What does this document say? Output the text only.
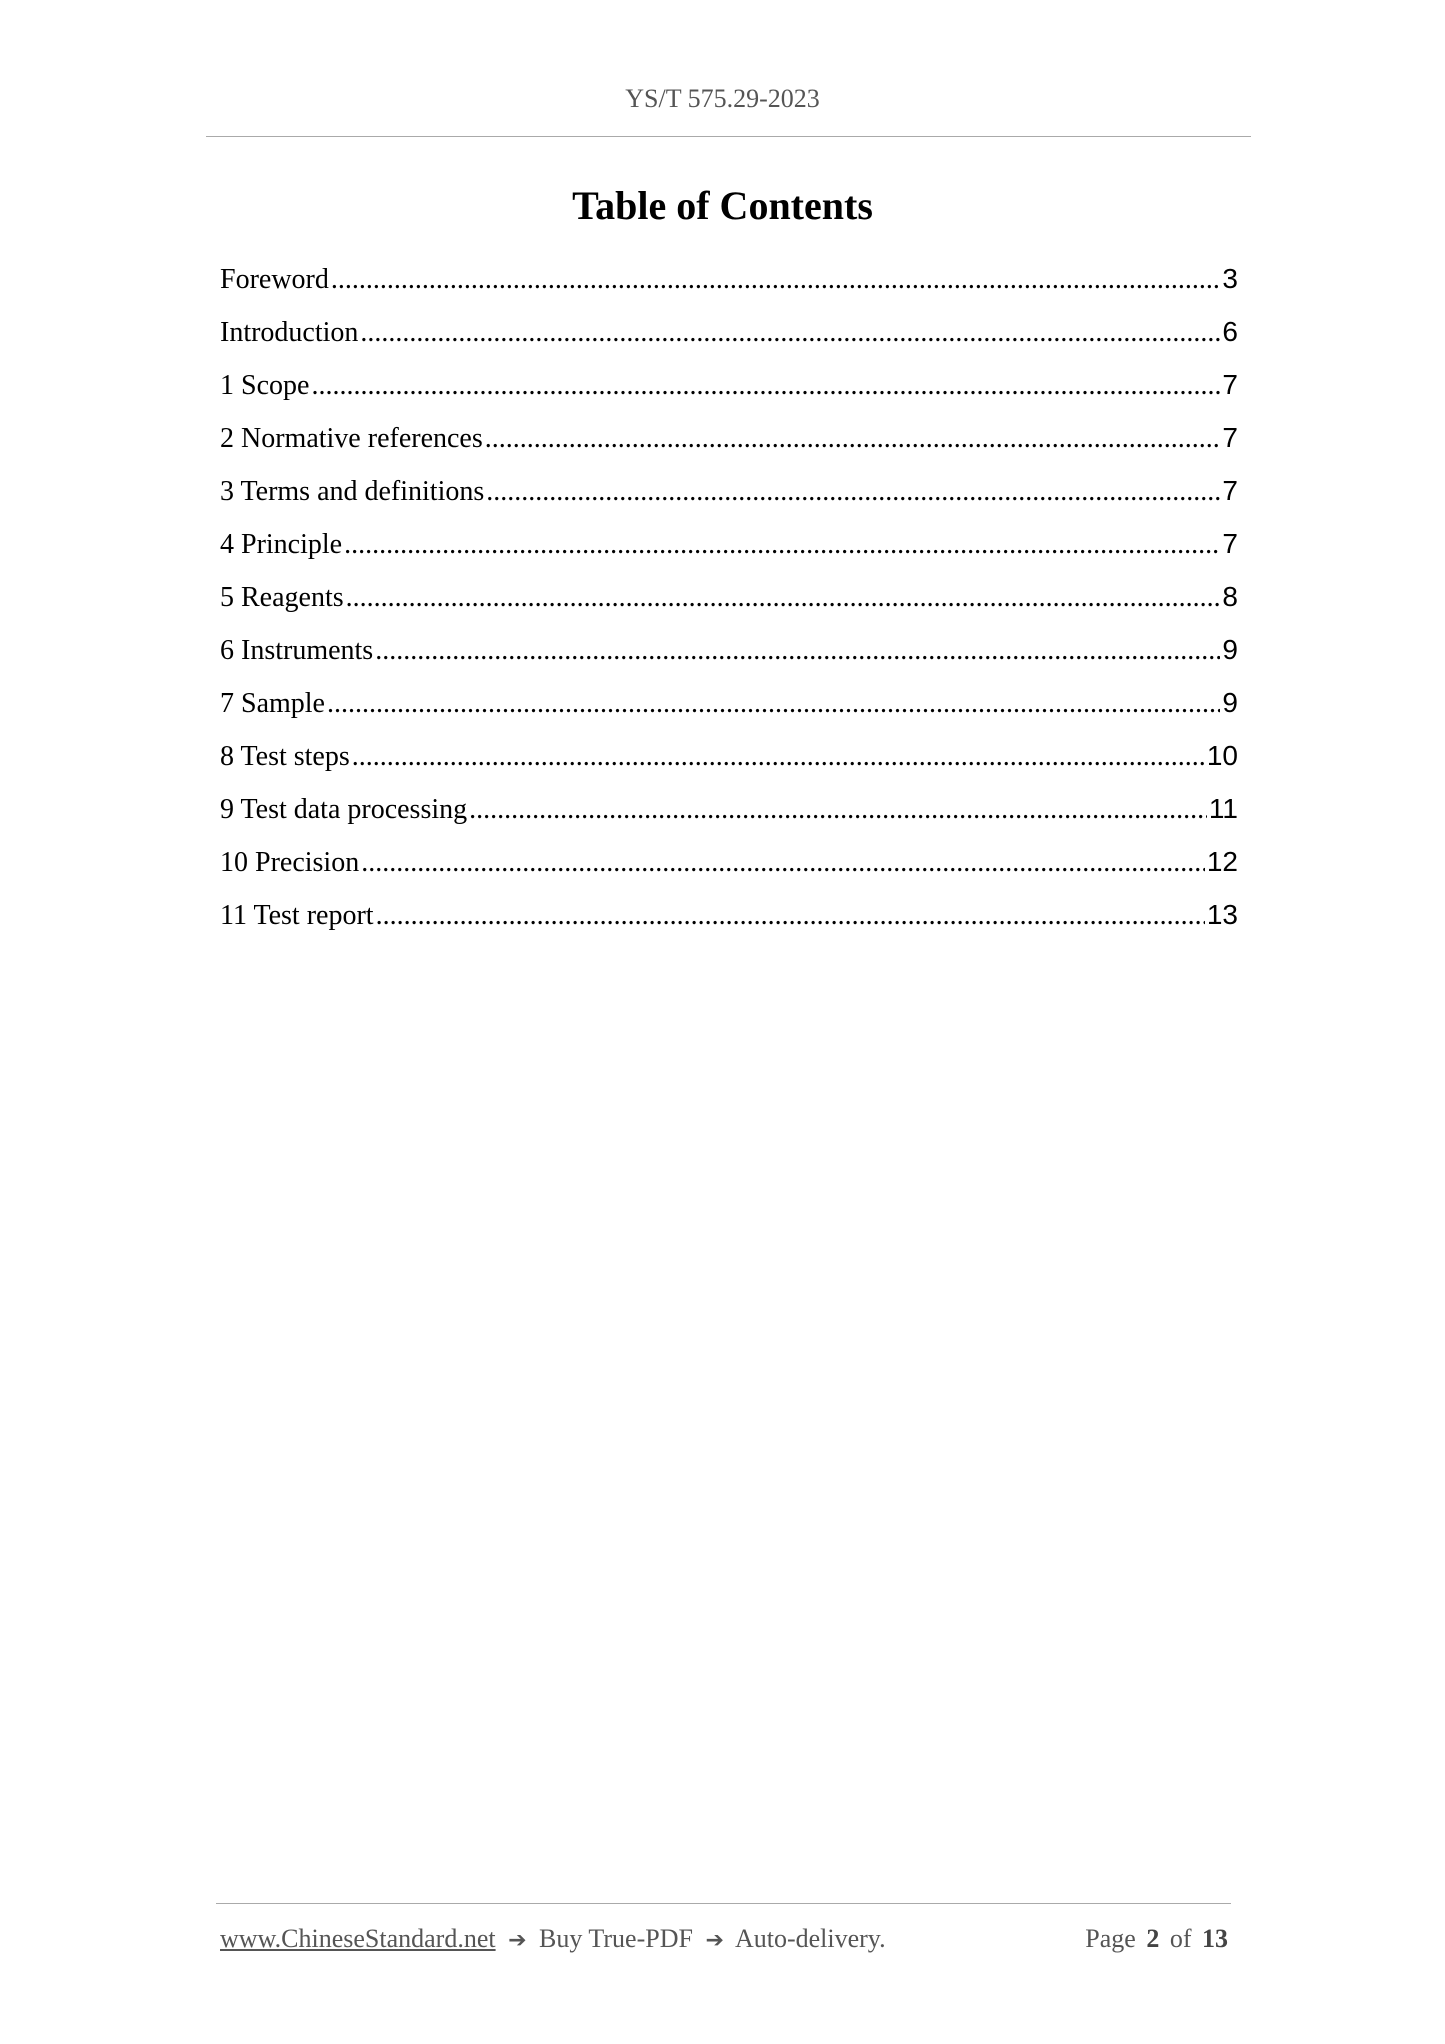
YS/T 575.29-2023
Table of Contents
Foreword .....	3
Introduction .....	6
1 Scope .....	7
2 Normative references .....	7
3 Terms and definitions .....	7
4 Principle .....	7
5 Reagents .....	8
6 Instruments .....	9
7 Sample .....	9
8 Test steps .....	10
9 Test data processing .....	11
10 Precision .....	12
11 Test report .....	13
www.ChineseStandard.net ➔ Buy True-PDF ➔ Auto-delivery.	Page 2 of 13
